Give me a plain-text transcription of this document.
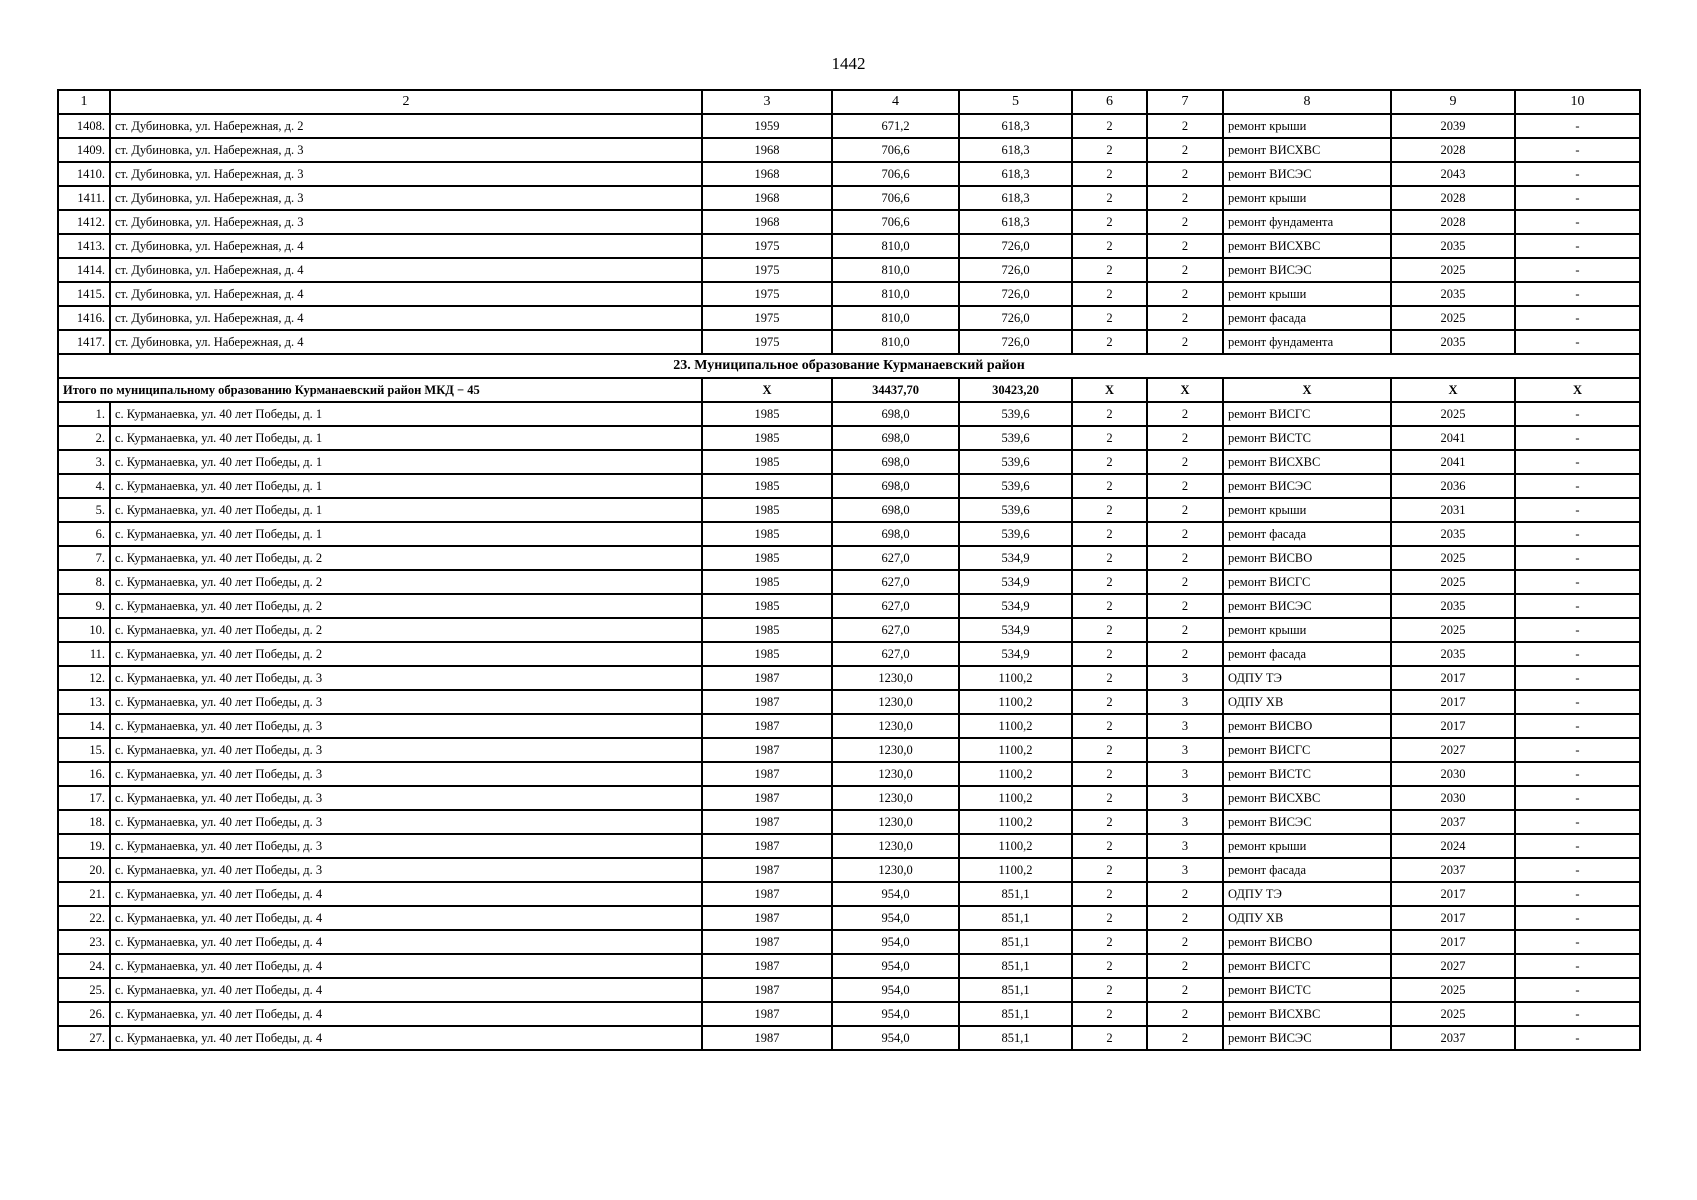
1442
1	2	3	4	5	6	7	8	9	10
1408.	ст. Дубиновка, ул. Набережная, д. 2	1959	671,2	618,3	2	2	ремонт крыши	2039	-
1409.	ст. Дубиновка, ул. Набережная, д. 3	1968	706,6	618,3	2	2	ремонт ВИСХВС	2028	-
1410.	ст. Дубиновка, ул. Набережная, д. 3	1968	706,6	618,3	2	2	ремонт ВИСЭС	2043	-
1411.	ст. Дубиновка, ул. Набережная, д. 3	1968	706,6	618,3	2	2	ремонт крыши	2028	-
1412.	ст. Дубиновка, ул. Набережная, д. 3	1968	706,6	618,3	2	2	ремонт фундамента	2028	-
1413.	ст. Дубиновка, ул. Набережная, д. 4	1975	810,0	726,0	2	2	ремонт ВИСХВС	2035	-
1414.	ст. Дубиновка, ул. Набережная, д. 4	1975	810,0	726,0	2	2	ремонт ВИСЭС	2025	-
1415.	ст. Дубиновка, ул. Набережная, д. 4	1975	810,0	726,0	2	2	ремонт крыши	2035	-
1416.	ст. Дубиновка, ул. Набережная, д. 4	1975	810,0	726,0	2	2	ремонт фасада	2025	-
1417.	ст. Дубиновка, ул. Набережная, д. 4	1975	810,0	726,0	2	2	ремонт фундамента	2035	-
23. Муниципальное образование Курманаевский район									
Итого по муниципальному образованию Курманаевский район МКД − 45		Х	34437,70	30423,20	Х	Х	Х	Х	Х
1.	с. Курманаевка, ул. 40 лет Победы, д. 1	1985	698,0	539,6	2	2	ремонт ВИСГС	2025	-
2.	с. Курманаевка, ул. 40 лет Победы, д. 1	1985	698,0	539,6	2	2	ремонт ВИСТС	2041	-
3.	с. Курманаевка, ул. 40 лет Победы, д. 1	1985	698,0	539,6	2	2	ремонт ВИСХВС	2041	-
4.	с. Курманаевка, ул. 40 лет Победы, д. 1	1985	698,0	539,6	2	2	ремонт ВИСЭС	2036	-
5.	с. Курманаевка, ул. 40 лет Победы, д. 1	1985	698,0	539,6	2	2	ремонт крыши	2031	-
6.	с. Курманаевка, ул. 40 лет Победы, д. 1	1985	698,0	539,6	2	2	ремонт фасада	2035	-
7.	с. Курманаевка, ул. 40 лет Победы, д. 2	1985	627,0	534,9	2	2	ремонт ВИСВО	2025	-
8.	с. Курманаевка, ул. 40 лет Победы, д. 2	1985	627,0	534,9	2	2	ремонт ВИСГС	2025	-
9.	с. Курманаевка, ул. 40 лет Победы, д. 2	1985	627,0	534,9	2	2	ремонт ВИСЭС	2035	-
10.	с. Курманаевка, ул. 40 лет Победы, д. 2	1985	627,0	534,9	2	2	ремонт крыши	2025	-
11.	с. Курманаевка, ул. 40 лет Победы, д. 2	1985	627,0	534,9	2	2	ремонт фасада	2035	-
12.	с. Курманаевка, ул. 40 лет Победы, д. 3	1987	1230,0	1100,2	2	3	ОДПУ ТЭ	2017	-
13.	с. Курманаевка, ул. 40 лет Победы, д. 3	1987	1230,0	1100,2	2	3	ОДПУ ХВ	2017	-
14.	с. Курманаевка, ул. 40 лет Победы, д. 3	1987	1230,0	1100,2	2	3	ремонт ВИСВО	2017	-
15.	с. Курманаевка, ул. 40 лет Победы, д. 3	1987	1230,0	1100,2	2	3	ремонт ВИСГС	2027	-
16.	с. Курманаевка, ул. 40 лет Победы, д. 3	1987	1230,0	1100,2	2	3	ремонт ВИСТС	2030	-
17.	с. Курманаевка, ул. 40 лет Победы, д. 3	1987	1230,0	1100,2	2	3	ремонт ВИСХВС	2030	-
18.	с. Курманаевка, ул. 40 лет Победы, д. 3	1987	1230,0	1100,2	2	3	ремонт ВИСЭС	2037	-
19.	с. Курманаевка, ул. 40 лет Победы, д. 3	1987	1230,0	1100,2	2	3	ремонт крыши	2024	-
20.	с. Курманаевка, ул. 40 лет Победы, д. 3	1987	1230,0	1100,2	2	3	ремонт фасада	2037	-
21.	с. Курманаевка, ул. 40 лет Победы, д. 4	1987	954,0	851,1	2	2	ОДПУ ТЭ	2017	-
22.	с. Курманаевка, ул. 40 лет Победы, д. 4	1987	954,0	851,1	2	2	ОДПУ ХВ	2017	-
23.	с. Курманаевка, ул. 40 лет Победы, д. 4	1987	954,0	851,1	2	2	ремонт ВИСВО	2017	-
24.	с. Курманаевка, ул. 40 лет Победы, д. 4	1987	954,0	851,1	2	2	ремонт ВИСГС	2027	-
25.	с. Курманаевка, ул. 40 лет Победы, д. 4	1987	954,0	851,1	2	2	ремонт ВИСТС	2025	-
26.	с. Курманаевка, ул. 40 лет Победы, д. 4	1987	954,0	851,1	2	2	ремонт ВИСХВС	2025	-
27.	с. Курманаевка, ул. 40 лет Победы, д. 4	1987	954,0	851,1	2	2	ремонт ВИСЭС	2037	-
